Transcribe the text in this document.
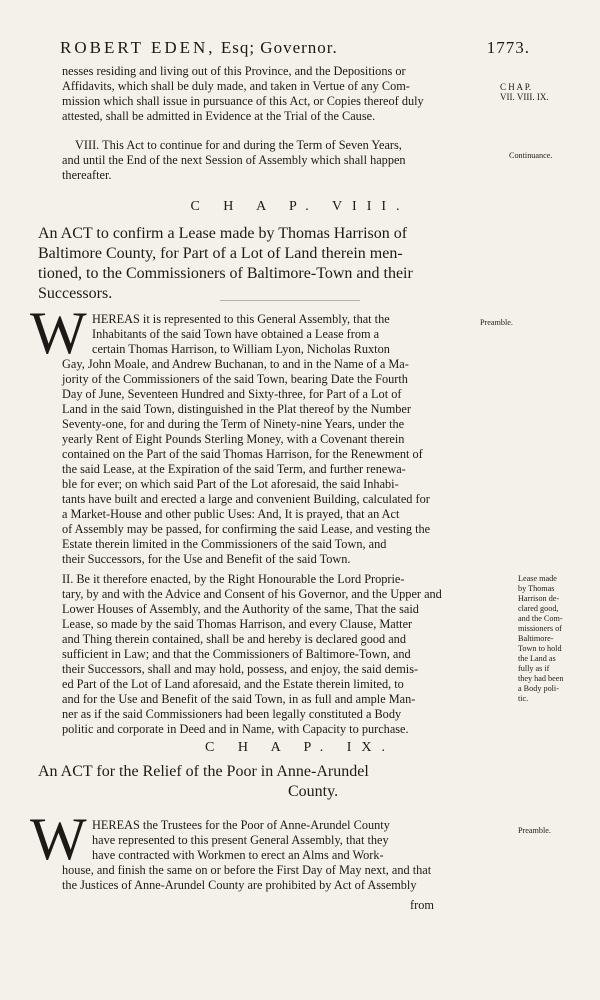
ROBERT EDEN, Esq; Governor.	1773.
nesses residing and living out of this Province, and the Depositions or
Affidavits, which shall be duly made, and taken in Vertue of any Com-
mission which shall issue in pursuance of this Act, or Copies thereof duly
attested, shall be admitted in Evidence at the Trial of the Cause.
C H A P.
VII. VIII. IX.
VIII. This Act to continue for and during the Term of Seven Years,
and until the End of the next Session of Assembly which shall happen
thereafter.
Continuance.
C H A P. VIII.
An ACT to confirm a Lease made by Thomas Harrison of
Baltimore County, for Part of a Lot of Land therein men-
tioned, to the Commissioners of Baltimore-Town and their
Successors.
W HEREAS it is represented to this General Assembly, that the
Inhabitants of the said Town have obtained a Lease from a
certain Thomas Harrison, to William Lyon, Nicholas Ruxton
Preamble.
Gay, John Moale, and Andrew Buchanan, to and in the Name of a Ma-
jority of the Commissioners of the said Town, bearing Date the Fourth
Day of June, Seventeen Hundred and Sixty-three, for Part of a Lot of
Land in the said Town, distinguished in the Plat thereof by the Number
Seventy-one, for and during the Term of Ninety-nine Years, under the
yearly Rent of Eight Pounds Sterling Money, with a Covenant therein
contained on the Part of the said Thomas Harrison, for the Renewment of
the said Lease, at the Expiration of the said Term, and further renewa-
ble for ever; on which said Part of the Lot aforesaid, the said Inhabi-
tants have built and erected a large and convenient Building, calculated for
a Market-House and other public Uses: And, It is prayed, that an Act
of Assembly may be passed, for confirming the said Lease, and vesting the
Estate therein limited in the Commissioners of the said Town, and
their Successors, for the Use and Benefit of the said Town.
II. Be it therefore enacted, by the Right Honourable the Lord Proprie-
tary, by and with the Advice and Consent of his Governor, and the Upper and
Lower Houses of Assembly, and the Authority of the same, That the said
Lease, so made by the said Thomas Harrison, and every Clause, Matter
and Thing therein contained, shall be and hereby is declared good and
sufficient in Law; and that the Commissioners of Baltimore-Town, and
their Successors, shall and may hold, possess, and enjoy, the said demis-
ed Part of the Lot of Land aforesaid, and the Estate therein limited, to
and for the Use and Benefit of the said Town, in as full and ample Man-
ner as if the said Commissioners had been legally constituted a Body
politic and corporate in Deed and in Name, with Capacity to purchase.
Lease made
by Thomas
Harrison de-
clared good,
and the Com-
missioners of
Baltimore-
Town to hold
the Land as
fully as if
they had been
a Body poli-
tic.
C H A P. IX.
An ACT for the Relief of the Poor in Anne-Arundel
County.
W HEREAS the Trustees for the Poor of Anne-Arundel County
have represented to this present General Assembly, that they
have contracted with Workmen to erect an Alms and Work-
Preamble.
house, and finish the same on or before the First Day of May next, and that
the Justices of Anne-Arundel County are prohibited by Act of Assembly
from
